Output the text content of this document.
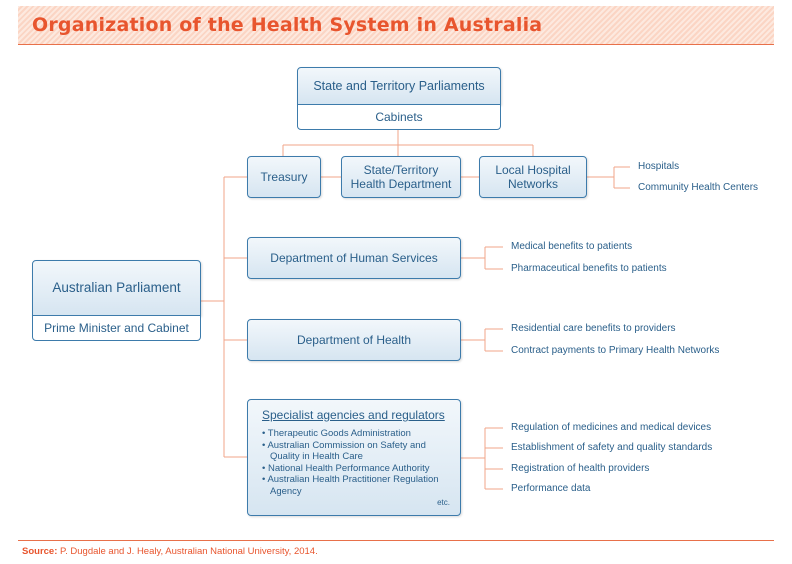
Organization of the Health System in Australia
State and Territory Parliaments
Cabinets
Treasury	State/Territory
Health Department
Local Hospital
Networks
Hospitals
Community Health Centers
Australian Parliament
Prime Minister and Cabinet
Department of Human Services
Medical benefits to patients
Pharmaceutical benefits to patients
Department of Health
Residential care benefits to providers
Contract payments to Primary Health Networks
Specialist agencies and regulators
• Therapeutic Goods Administration
• Australian Commission on Safety and Quality in Health Care
• National Health Performance Authority
• Australian Health Practitioner Regulation Agency
etc.
Regulation of medicines and medical devices
Establishment of safety and quality standards
Registration of health providers
Performance data
Source: P. Dugdale and J. Healy, Australian National University, 2014.
